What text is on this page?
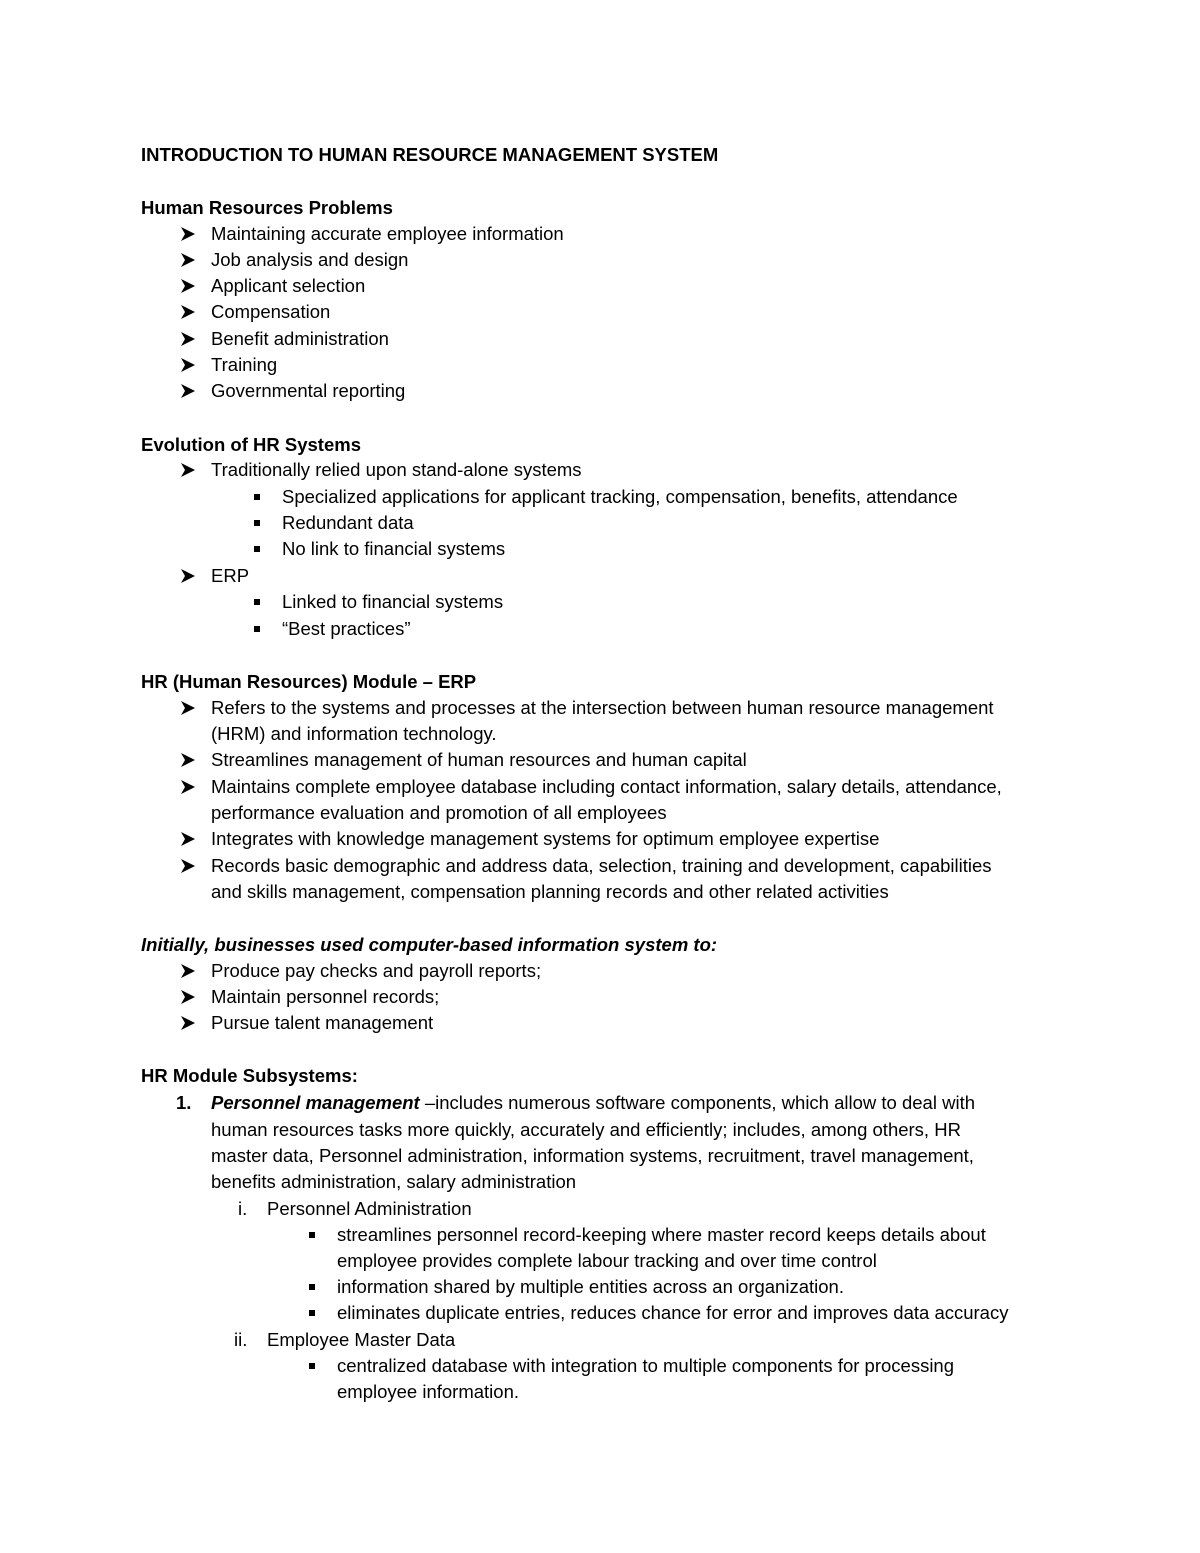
INTRODUCTION TO HUMAN RESOURCE MANAGEMENT SYSTEM
Human Resources Problems
Maintaining accurate employee information
Job analysis and design
Applicant selection
Compensation
Benefit administration
Training
Governmental reporting
Evolution of HR Systems
Traditionally relied upon stand-alone systems
Specialized applications for applicant tracking, compensation, benefits, attendance
Redundant data
No link to financial systems
ERP
Linked to financial systems
“Best practices”
HR (Human Resources) Module – ERP
Refers to the systems and processes at the intersection between human resource management
(HRM) and information technology.
Streamlines management of human resources and human capital
Maintains complete employee database including contact information, salary details, attendance,
performance evaluation and promotion of all employees
Integrates with knowledge management systems for optimum employee expertise
Records basic demographic and address data, selection, training and development, capabilities
and skills management, compensation planning records and other related activities
Initially, businesses used computer-based information system to:
Produce pay checks and payroll reports;
Maintain personnel records;
Pursue talent management
HR Module Subsystems:
1. Personnel management –includes numerous software components, which allow to deal with
human resources tasks more quickly, accurately and efficiently; includes, among others, HR
master data, Personnel administration, information systems, recruitment, travel management,
benefits administration, salary administration
i. Personnel Administration
streamlines personnel record-keeping where master record keeps details about
employee provides complete labour tracking and over time control
information shared by multiple entities across an organization.
eliminates duplicate entries, reduces chance for error and improves data accuracy
ii. Employee Master Data
centralized database with integration to multiple components for processing
employee information.
